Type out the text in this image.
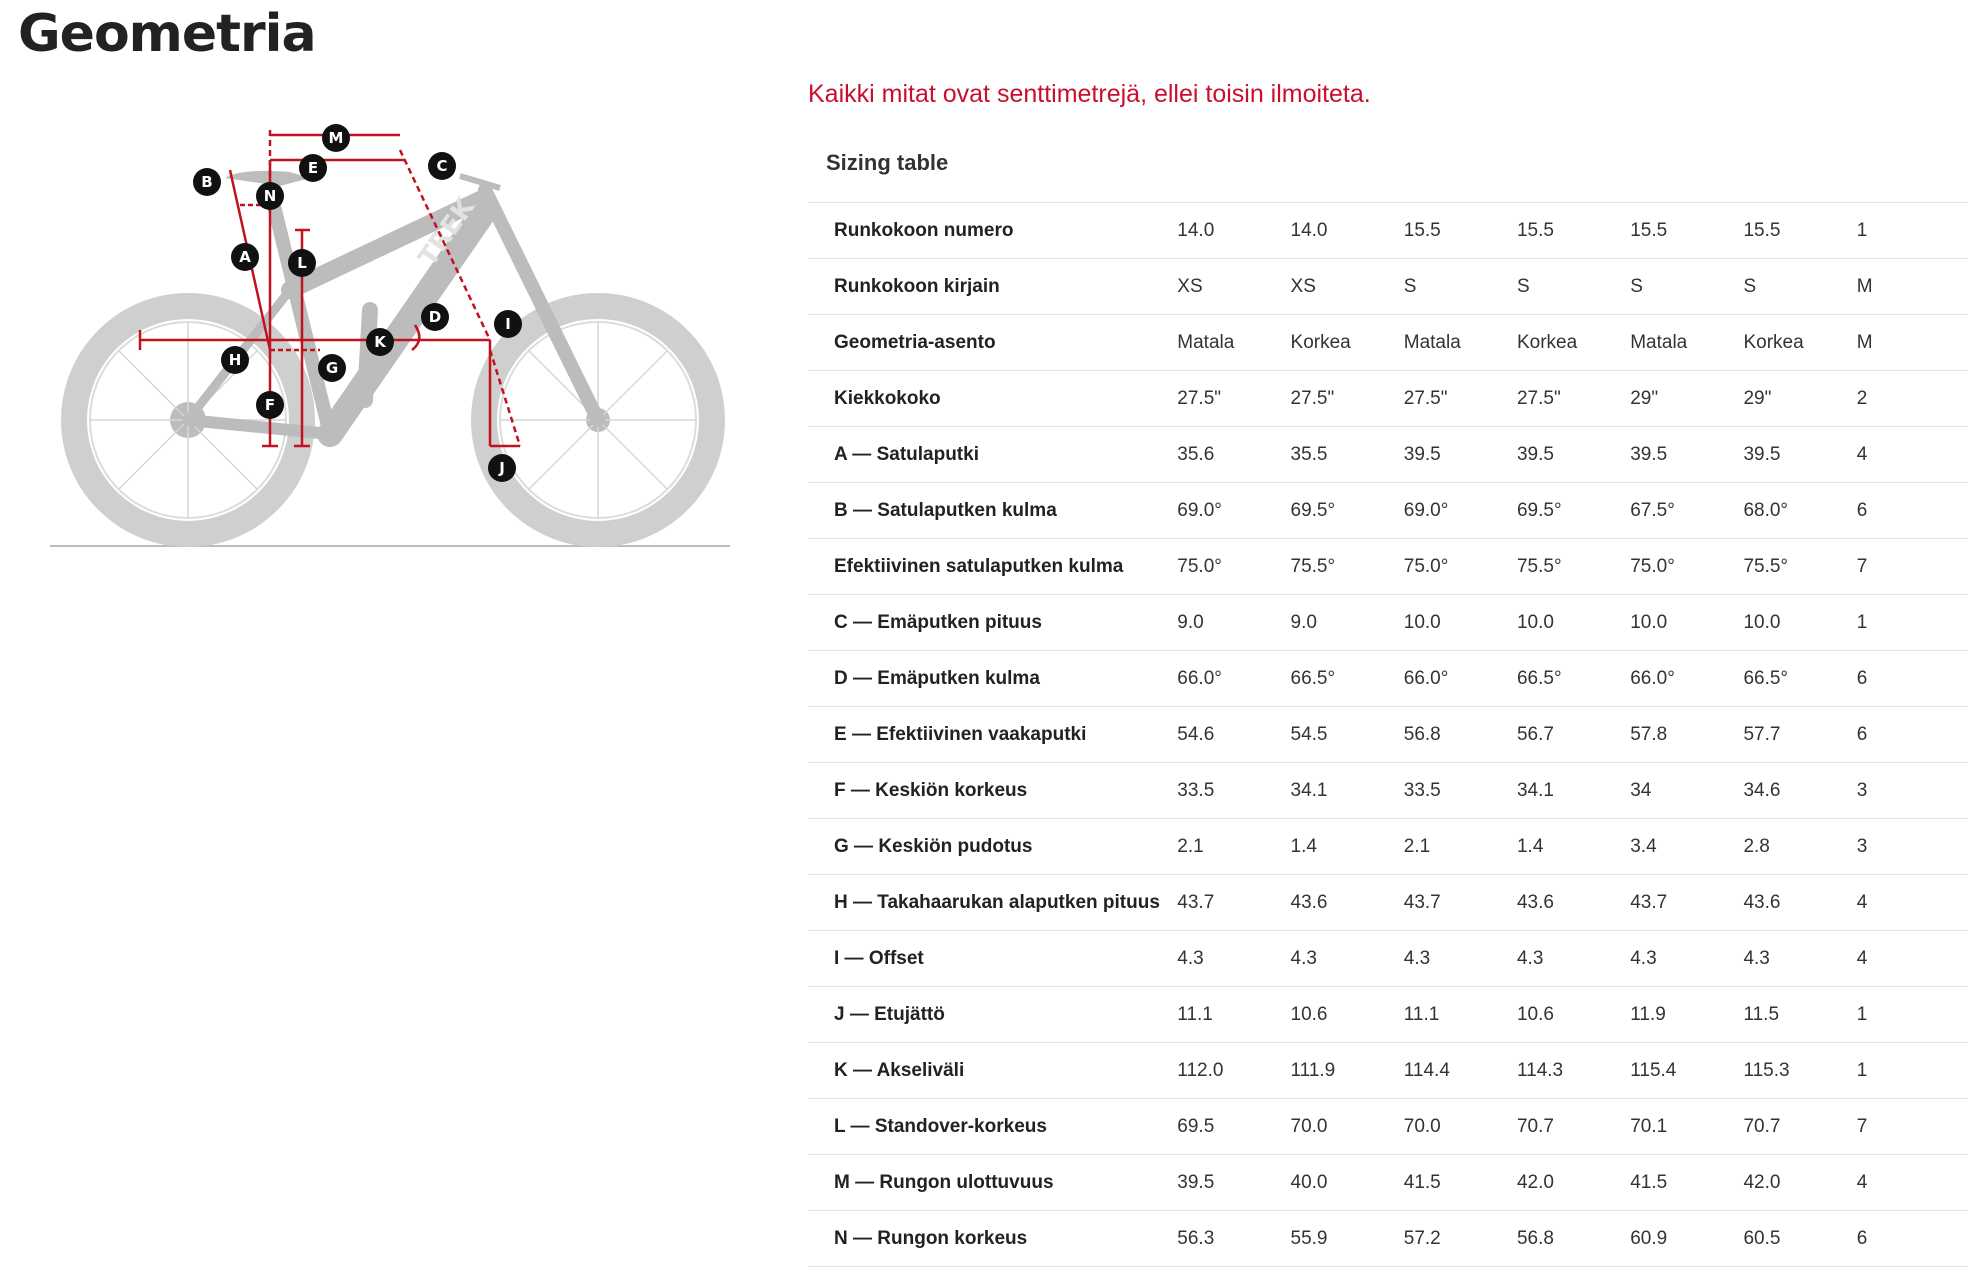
Geometria
TREK
A
B
C
D
E
F
G
H
I
J
K
L
M
N
Kaikki mitat ovat senttimetrejä, ellei toisin ilmoiteta.
Sizing table
Runkokoon numero	14.0	14.0	15.5	15.5	15.5	15.5	1
Runkokoon kirjain	XS	XS	S	S	S	S	M
Geometria-asento	Matala	Korkea	Matala	Korkea	Matala	Korkea	M
Kiekkokoko	27.5"	27.5"	27.5"	27.5"	29"	29"	2
A — Satulaputki	35.6	35.5	39.5	39.5	39.5	39.5	4
B — Satulaputken kulma	69.0°	69.5°	69.0°	69.5°	67.5°	68.0°	6
Efektiivinen satulaputken kulma	75.0°	75.5°	75.0°	75.5°	75.0°	75.5°	7
C — Emäputken pituus	9.0	9.0	10.0	10.0	10.0	10.0	1
D — Emäputken kulma	66.0°	66.5°	66.0°	66.5°	66.0°	66.5°	6
E — Efektiivinen vaakaputki	54.6	54.5	56.8	56.7	57.8	57.7	6
F — Keskiön korkeus	33.5	34.1	33.5	34.1	34	34.6	3
G — Keskiön pudotus	2.1	1.4	2.1	1.4	3.4	2.8	3
H — Takahaarukan alaputken pituus	43.7	43.6	43.7	43.6	43.7	43.6	4
I — Offset	4.3	4.3	4.3	4.3	4.3	4.3	4
J — Etujättö	11.1	10.6	11.1	10.6	11.9	11.5	1
K — Akseliväli	112.0	111.9	114.4	114.3	115.4	115.3	1
L — Standover-korkeus	69.5	70.0	70.0	70.7	70.1	70.7	7
M — Rungon ulottuvuus	39.5	40.0	41.5	42.0	41.5	42.0	4
N — Rungon korkeus	56.3	55.9	57.2	56.8	60.9	60.5	6
